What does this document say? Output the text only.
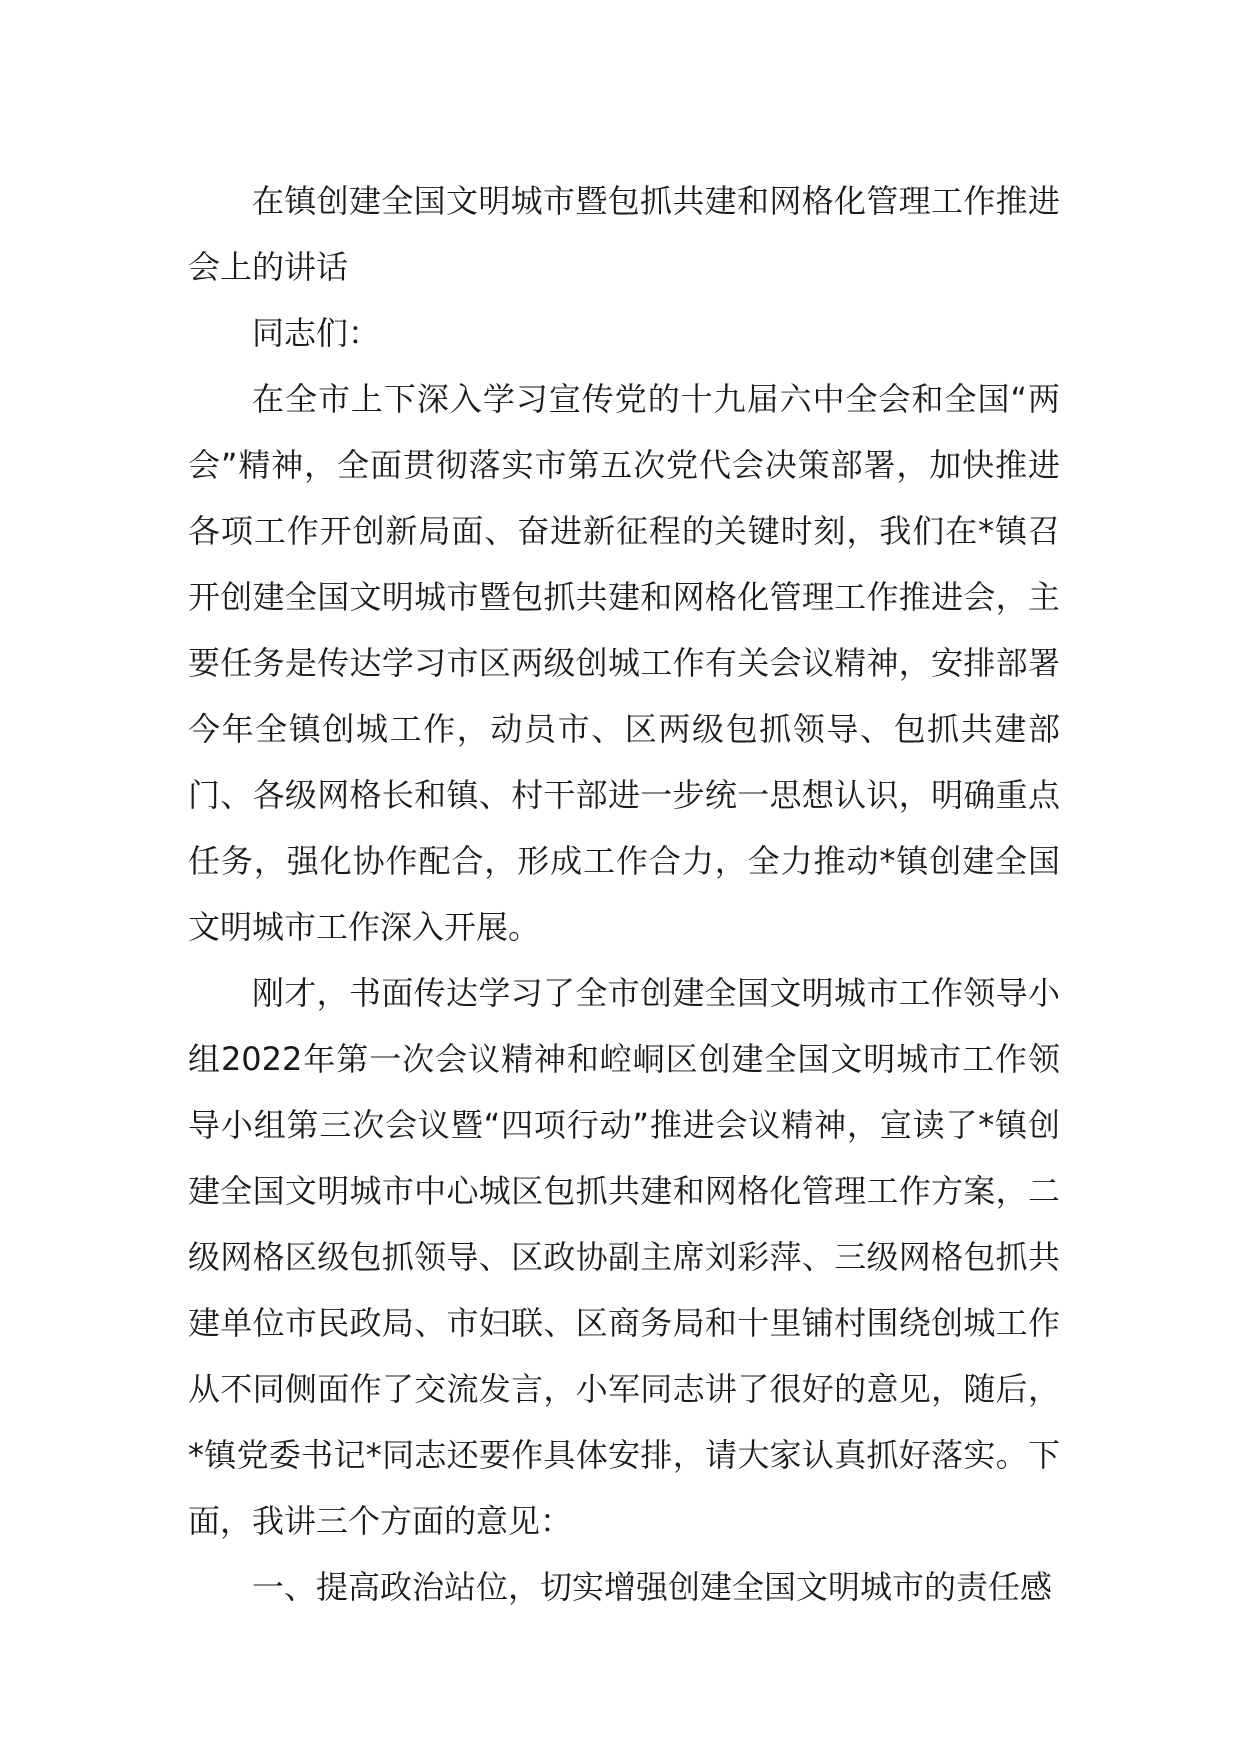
在镇创建全国文明城市暨包抓共建和网格化管理工作推进会上的讲话

同志们：

在全市上下深入学习宣传党的十九届六中全会和全国“两会”精神，全面贯彻落实市第五次党代会决策部署，加快推进各项工作开创新局面、奋进新征程的关键时刻，我们在*镇召开创建全国文明城市暨包抓共建和网格化管理工作推进会，主要任务是传达学习市区两级创城工作有关会议精神，安排部署今年全镇创城工作，动员市、区两级包抓领导、包抓共建部门、各级网格长和镇、村干部进一步统一思想认识，明确重点任务，强化协作配合，形成工作合力，全力推动*镇创建全国文明城市工作深入开展。

刚才，书面传达学习了全市创建全国文明城市工作领导小组2022年第一次会议精神和崆峒区创建全国文明城市工作领导小组第三次会议暨“四项行动”推进会议精神，宣读了*镇创建全国文明城市中心城区包抓共建和网格化管理工作方案，二级网格区级包抓领导、区政协副主席刘彩萍、三级网格包抓共建单位市民政局、市妇联、区商务局和十里铺村围绕创城工作从不同侧面作了交流发言，小军同志讲了很好的意见，随后，*镇党委书记*同志还要作具体安排，请大家认真抓好落实。下面，我讲三个方面的意见：

一、提高政治站位，切实增强创建全国文明城市的责任感
